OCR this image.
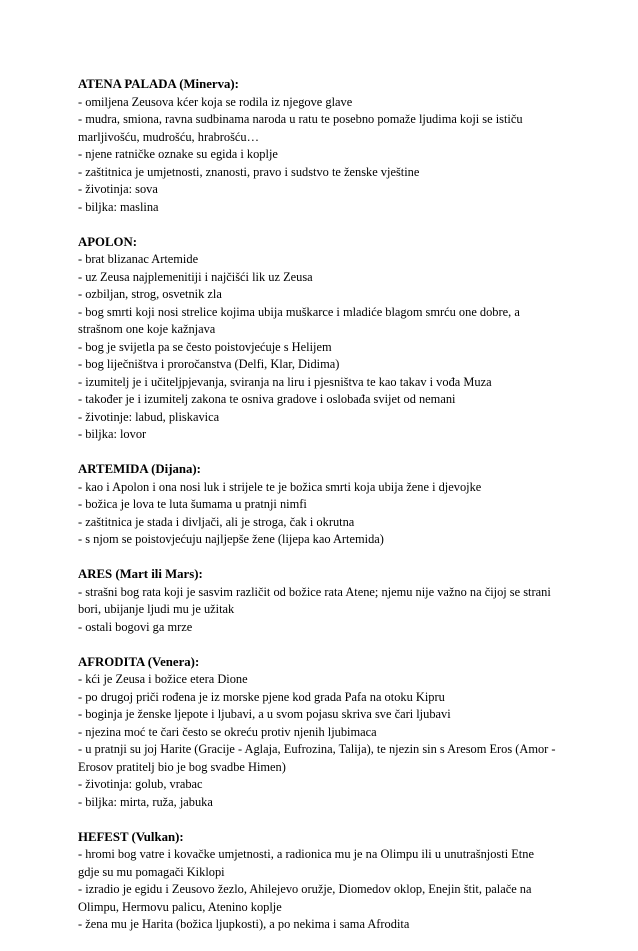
ATENA PALADA (Minerva):

- omiljena Zeusova kćer koja se rodila iz njegove glave

- mudra, smiona, ravna sudbinama naroda u ratu te posebno pomaže ljudima koji se ističu marljivošću, mudrošću, hrabrošću…

- njene ratničke oznake su egida i koplje

- zaštitnica je umjetnosti, znanosti, pravo i sudstvo te ženske vještine

- životinja: sova

- biljka: maslina

APOLON:

- brat blizanac Artemide

- uz Zeusa najplemenitiji i najčišći lik uz Zeusa

- ozbiljan, strog, osvetnik zla

- bog smrti koji nosi strelice kojima ubija muškarce i mladiće blagom smrću one dobre, a strašnom one koje kažnjava

- bog je svijetla pa se često poistovjećuje s Helijem

- bog liječništva i proročanstva (Delfi, Klar, Didima)

- izumitelj je i učiteljpjevanja, sviranja na liru i pjesništva te kao takav i vođa Muza

- također je i izumitelj zakona te osniva gradove i oslobađa svijet od nemani

- životinje: labud, pliskavica

- biljka: lovor

ARTEMIDA (Dijana):

- kao i Apolon i ona nosi luk i strijele te je božica smrti koja ubija žene i djevojke

- božica je lova te luta šumama u pratnji nimfi

- zaštitnica je stada i divljači, ali je stroga, čak i okrutna

- s njom se poistovjećuju najljepše žene (lijepa kao Artemida)

ARES (Mart ili Mars):

- strašni bog rata koji je sasvim različit od božice rata Atene; njemu nije važno na čijoj se strani bori, ubijanje ljudi mu je užitak

- ostali bogovi ga mrze

AFRODITA (Venera):

- kći je Zeusa i božice etera Dione

- po drugoj priči rođena je iz morske pjene kod grada Pafa na otoku Kipru

- boginja je ženske ljepote i ljubavi, a u svom pojasu skriva sve čari ljubavi

- njezina moć te čari često se okreću protiv njenih ljubimaca

- u pratnji su joj Harite (Gracije - Aglaja, Eufrozina, Talija), te njezin sin s Aresom Eros (Amor - Erosov pratitelj bio je bog svadbe Himen)

- životinja: golub, vrabac

- biljka: mirta, ruža, jabuka

HEFEST (Vulkan):

- hromi bog vatre i kovačke umjetnosti, a radionica mu je na Olimpu ili u unutrašnjosti Etne gdje su mu pomagači Kiklopi

- izradio je egidu i Zeusovo žezlo, Ahilejevo oružje, Diomedov oklop, Enejin štit, palače na Olimpu, Hermovu palicu, Atenino koplje

- žena mu je Harita (božica ljupkosti), a po nekima i sama Afrodita
